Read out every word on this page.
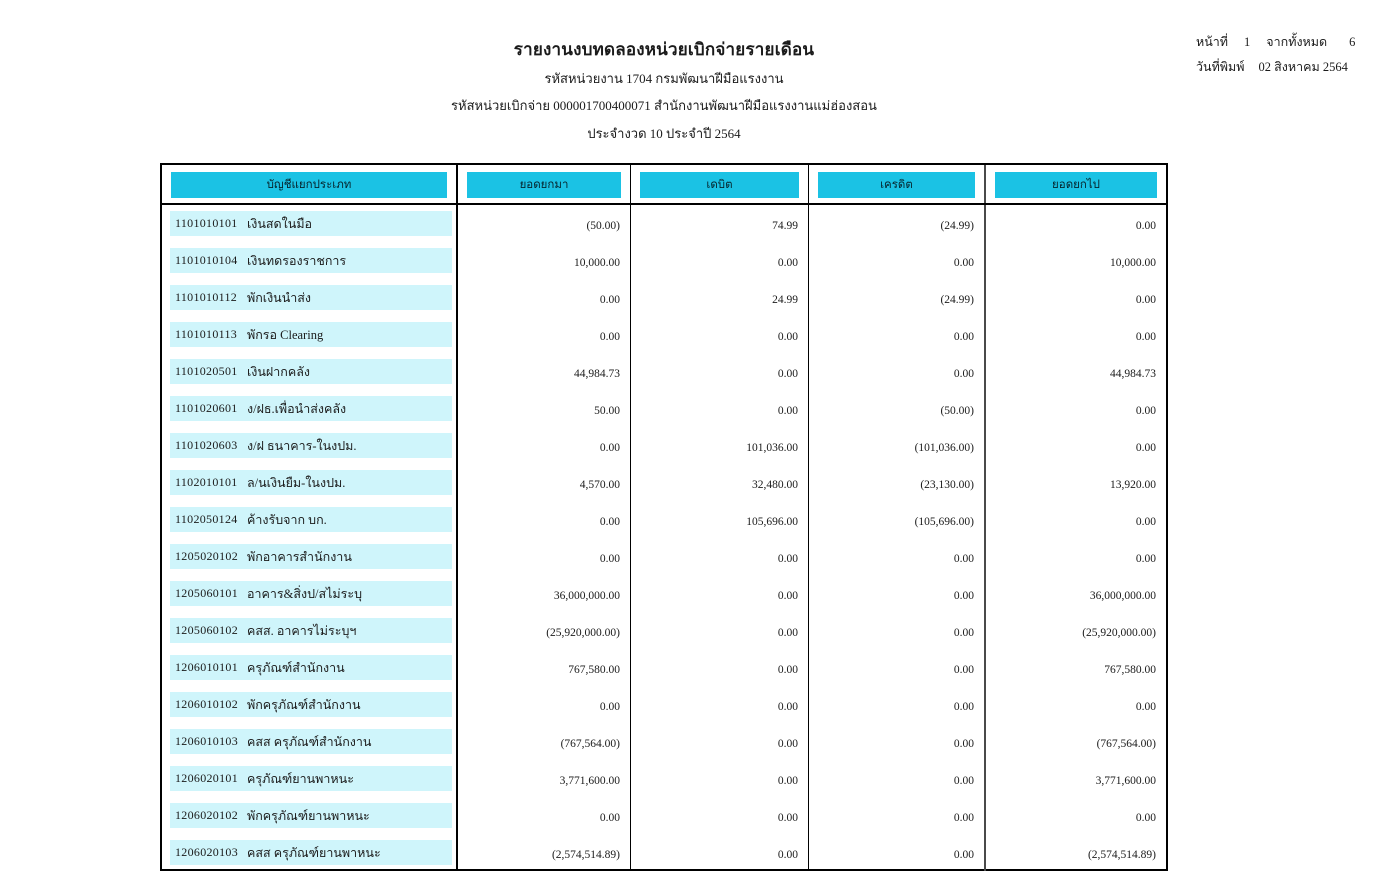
รายงานงบทดลองหน่วยเบิกจ่ายรายเดือน
รหัสหน่วยงาน 1704 กรมพัฒนาฝีมือแรงงาน
รหัสหน่วยเบิกจ่าย 000001700400071 สำนักงานพัฒนาฝีมือแรงงานแม่ฮ่องสอน
ประจำงวด 10 ประจำปี 2564
หน้าที่ 1 จากทั้งหมด 6
วันที่พิมพ์ 02 สิงหาคม 2564
บัญชีแยกประเภท	ยอดยกมา	เดบิต	เครดิต	ยอดยกไป
1101010101 เงินสดในมือ	(50.00)	74.99	(24.99)	0.00
1101010104 เงินทดรองราชการ	10,000.00	0.00	0.00	10,000.00
1101010112 พักเงินนำส่ง	0.00	24.99	(24.99)	0.00
1101010113 พักรอ Clearing	0.00	0.00	0.00	0.00
1101020501 เงินฝากคลัง	44,984.73	0.00	0.00	44,984.73
1101020601 ง/ฝธ.เพื่อนำส่งคลัง	50.00	0.00	(50.00)	0.00
1101020603 ง/ฝ ธนาคาร-ในงปม.	0.00	101,036.00	(101,036.00)	0.00
1102010101 ล/นเงินยืม-ในงปม.	4,570.00	32,480.00	(23,130.00)	13,920.00
1102050124 ค้างรับจาก บก.	0.00	105,696.00	(105,696.00)	0.00
1205020102 พักอาคารสำนักงาน	0.00	0.00	0.00	0.00
1205060101 อาคาร&สิ่งป/สไม่ระบุ	36,000,000.00	0.00	0.00	36,000,000.00
1205060102 คสส. อาคารไม่ระบุฯ	(25,920,000.00)	0.00	0.00	(25,920,000.00)
1206010101 ครุภัณฑ์สำนักงาน	767,580.00	0.00	0.00	767,580.00
1206010102 พักครุภัณฑ์สำนักงาน	0.00	0.00	0.00	0.00
1206010103 คสส ครุภัณฑ์สำนักงาน	(767,564.00)	0.00	0.00	(767,564.00)
1206020101 ครุภัณฑ์ยานพาหนะ	3,771,600.00	0.00	0.00	3,771,600.00
1206020102 พักครุภัณฑ์ยานพาหนะ	0.00	0.00	0.00	0.00
1206020103 คสส ครุภัณฑ์ยานพาหนะ	(2,574,514.89)	0.00	0.00	(2,574,514.89)
